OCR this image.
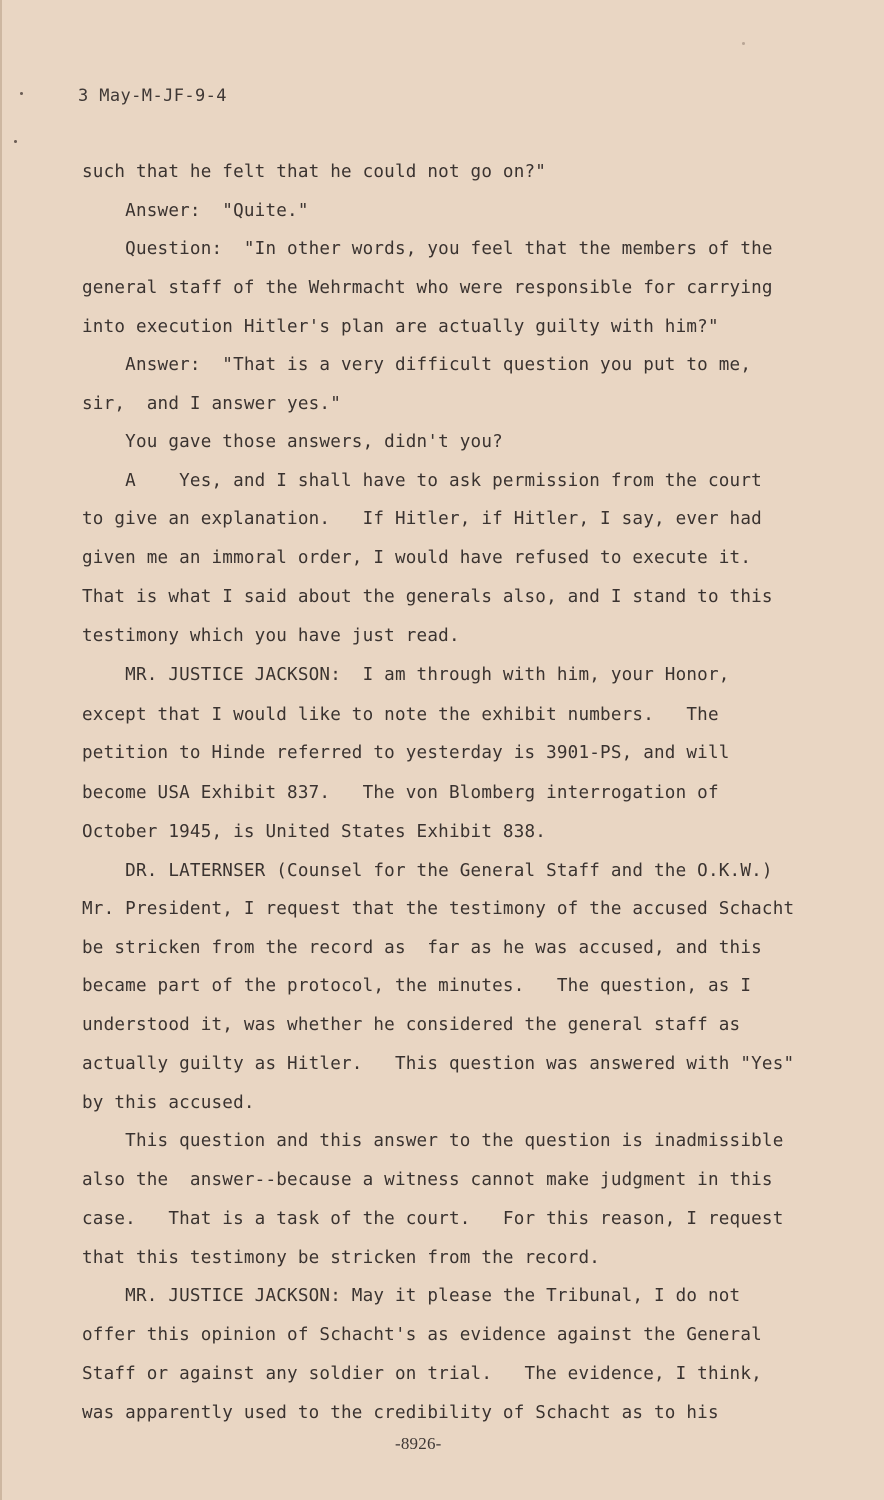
3 May-M-JF-9-4
such that he felt that he could not go on?"
Answer:  "Quite."
Question:  "In other words, you feel that the members of the
general staff of the Wehrmacht who were responsible for carrying
into execution Hitler's plan are actually guilty with him?"
Answer:  "That is a very difficult question you put to me,
sir,  and I answer yes."
You gave those answers, didn't you?
A    Yes, and I shall have to ask permission from the court
to give an explanation.   If Hitler, if Hitler, I say, ever had
given me an immoral order, I would have refused to execute it.
That is what I said about the generals also, and I stand to this
testimony which you have just read.
MR. JUSTICE JACKSON:  I am through with him, your Honor,
except that I would like to note the exhibit numbers.   The
petition to Hinde referred to yesterday is 3901-PS, and will
become USA Exhibit 837.   The von Blomberg interrogation of
October 1945, is United States Exhibit 838.
DR. LATERNSER (Counsel for the General Staff and the O.K.W.)
Mr. President, I request that the testimony of the accused Schacht
be stricken from the record as  far as he was accused, and this
became part of the protocol, the minutes.   The question, as I
understood it, was whether he considered the general staff as
actually guilty as Hitler.   This question was answered with "Yes"
by this accused.
This question and this answer to the question is inadmissible
also the  answer--because a witness cannot make judgment in this
case.   That is a task of the court.   For this reason, I request
that this testimony be stricken from the record.
MR. JUSTICE JACKSON: May it please the Tribunal, I do not
offer this opinion of Schacht's as evidence against the General
Staff or against any soldier on trial.   The evidence, I think,
was apparently used to the credibility of Schacht as to his
-8926-
